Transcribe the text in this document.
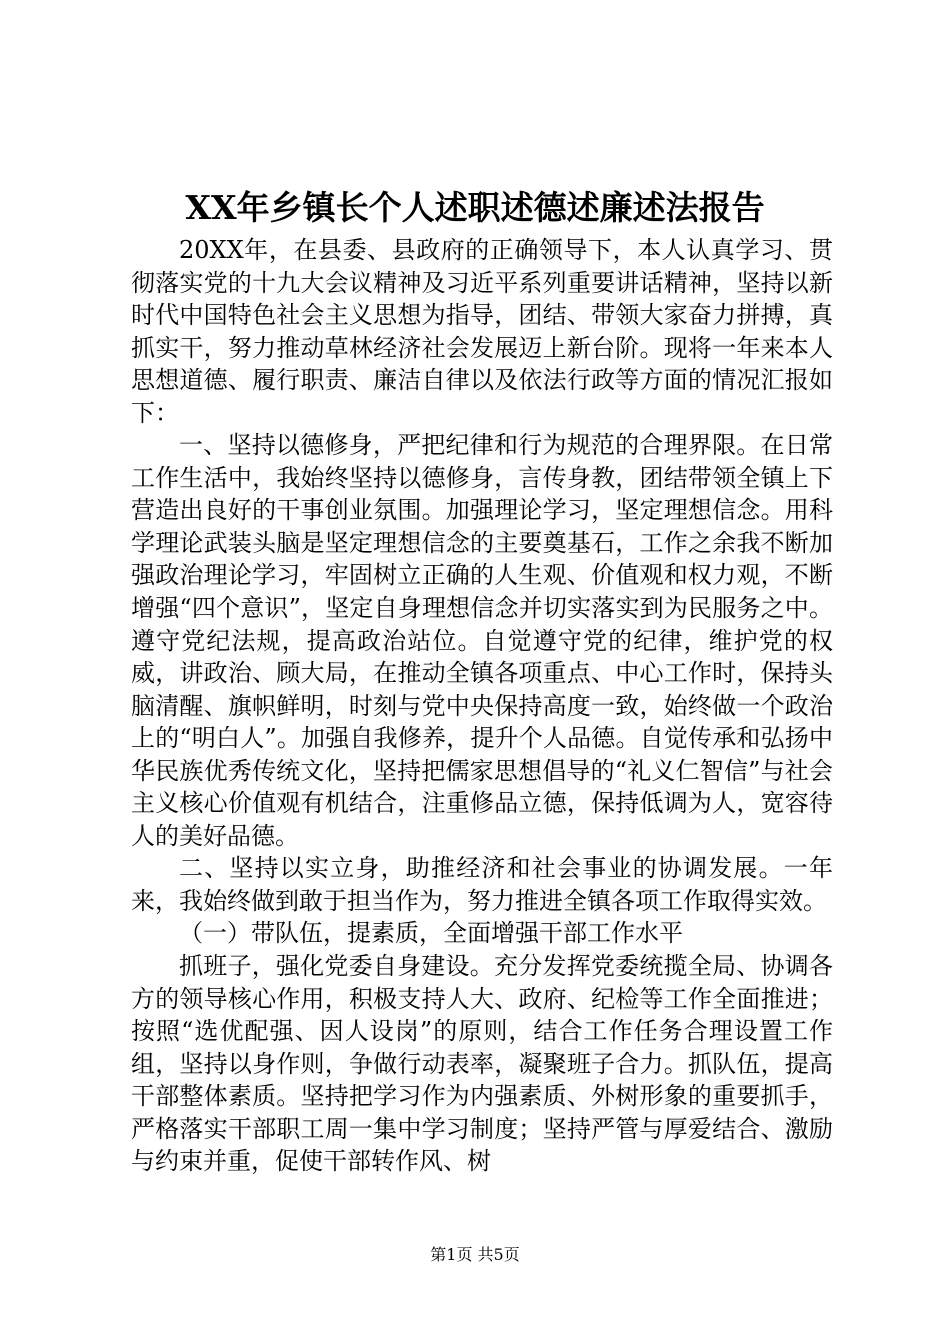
XX年乡镇长个人述职述德述廉述法报告

20XX年，在县委、县政府的正确领导下，本人认真学习、贯彻落实党的十九大会议精神及习近平系列重要讲话精神，坚持以新时代中国特色社会主义思想为指导，团结、带领大家奋力拼搏，真抓实干，努力推动草林经济社会发展迈上新台阶。现将一年来本人思想道德、履行职责、廉洁自律以及依法行政等方面的情况汇报如下：

一、坚持以德修身，严把纪律和行为规范的合理界限。在日常工作生活中，我始终坚持以德修身，言传身教，团结带领全镇上下营造出良好的干事创业氛围。加强理论学习，坚定理想信念。用科学理论武装头脑是坚定理想信念的主要奠基石，工作之余我不断加强政治理论学习，牢固树立正确的人生观、价值观和权力观，不断增强“四个意识”，坚定自身理想信念并切实落实到为民服务之中。遵守党纪法规，提高政治站位。自觉遵守党的纪律，维护党的权威，讲政治、顾大局，在推动全镇各项重点、中心工作时，保持头脑清醒、旗帜鲜明，时刻与党中央保持高度一致，始终做一个政治上的“明白人”。加强自我修养，提升个人品德。自觉传承和弘扬中华民族优秀传统文化，坚持把儒家思想倡导的“礼义仁智信”与社会主义核心价值观有机结合，注重修品立德，保持低调为人，宽容待人的美好品德。

二、坚持以实立身，助推经济和社会事业的协调发展。一年来，我始终做到敢于担当作为，努力推进全镇各项工作取得实效。

（一）带队伍，提素质，全面增强干部工作水平

抓班子，强化党委自身建设。充分发挥党委统揽全局、协调各方的领导核心作用，积极支持人大、政府、纪检等工作全面推进；按照“选优配强、因人设岗”的原则，结合工作任务合理设置工作组，坚持以身作则，争做行动表率，凝聚班子合力。抓队伍，提高干部整体素质。坚持把学习作为内强素质、外树形象的重要抓手，严格落实干部职工周一集中学习制度；坚持严管与厚爱结合、激励与约束并重，促使干部转作风、树

第1页 共5页
